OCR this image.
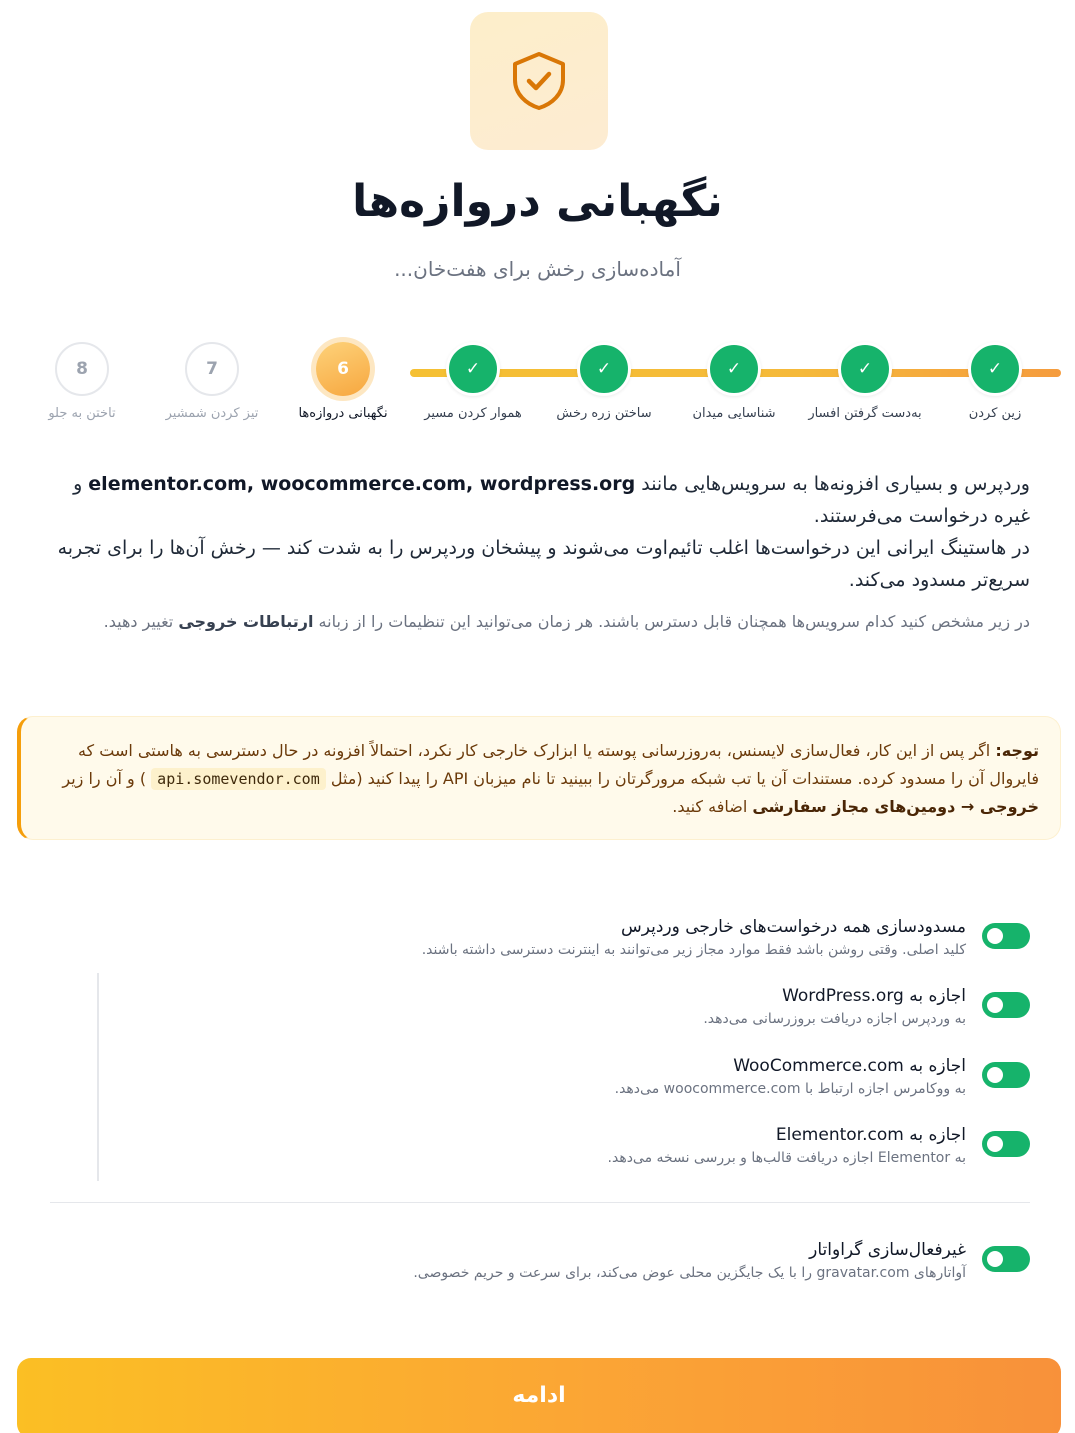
نگهبانی دروازه‌ها
آماده‌سازی رخش برای هفت‌خان...
✓
زین کردن
✓
به‌دست گرفتن افسار
✓
شناسایی میدان
✓
ساختن زره رخش
✓
هموار کردن مسیر
6
نگهبانی دروازه‌ها
7
تیز کردن شمشیر
8
تاختن به جلو
وردپرس و بسیاری افزونه‌ها به سرویس‌هایی مانند elementor.com, woocommerce.com, wordpress.org و غیره درخواست می‌فرستند.
در هاستینگ ایرانی این درخواست‌ها اغلب تائیم‌اوت می‌شوند و پیشخان وردپرس را به شدت کند — رخش آن‌ها را برای تجربه سریع‌تر مسدود می‌کند.
در زیر مشخص کنید کدام سرویس‌ها همچنان قابل دسترس باشند. هر زمان می‌توانید این تنظیمات را از زبانه ارتباطات خروجی تغییر دهید.
توجه: اگر پس از این کار، فعال‌سازی لایسنس، به‌روزرسانی پوسته یا ابزارک خارجی کار نکرد، احتمالاً افزونه در حال دسترسی به هاستی است که فایروال آن را مسدود کرده. مستندات آن یا تب شبکه مرورگرتان را ببینید تا نام میزبان API را پیدا کنید (مثل api.somevendor.com ) و آن را زیر خروجی → دومین‌های مجاز سفارشی اضافه کنید.
مسدودسازی همه درخواست‌های خارجی وردپرس
کلید اصلی. وقتی روشن باشد فقط موارد مجاز زیر می‌توانند به اینترنت دسترسی داشته باشند.
اجازه به WordPress.org
به وردپرس اجازه دریافت بروزرسانی می‌دهد.
اجازه به WooCommerce.com
به ووکامرس اجازه ارتباط با woocommerce.com می‌دهد.
اجازه به Elementor.com
به Elementor اجازه دریافت قالب‌ها و بررسی نسخه می‌دهد.
غیرفعال‌سازی گراواتار
آواتارهای gravatar.com را با یک جایگزین محلی عوض می‌کند، برای سرعت و حریم خصوصی.
ادامه
